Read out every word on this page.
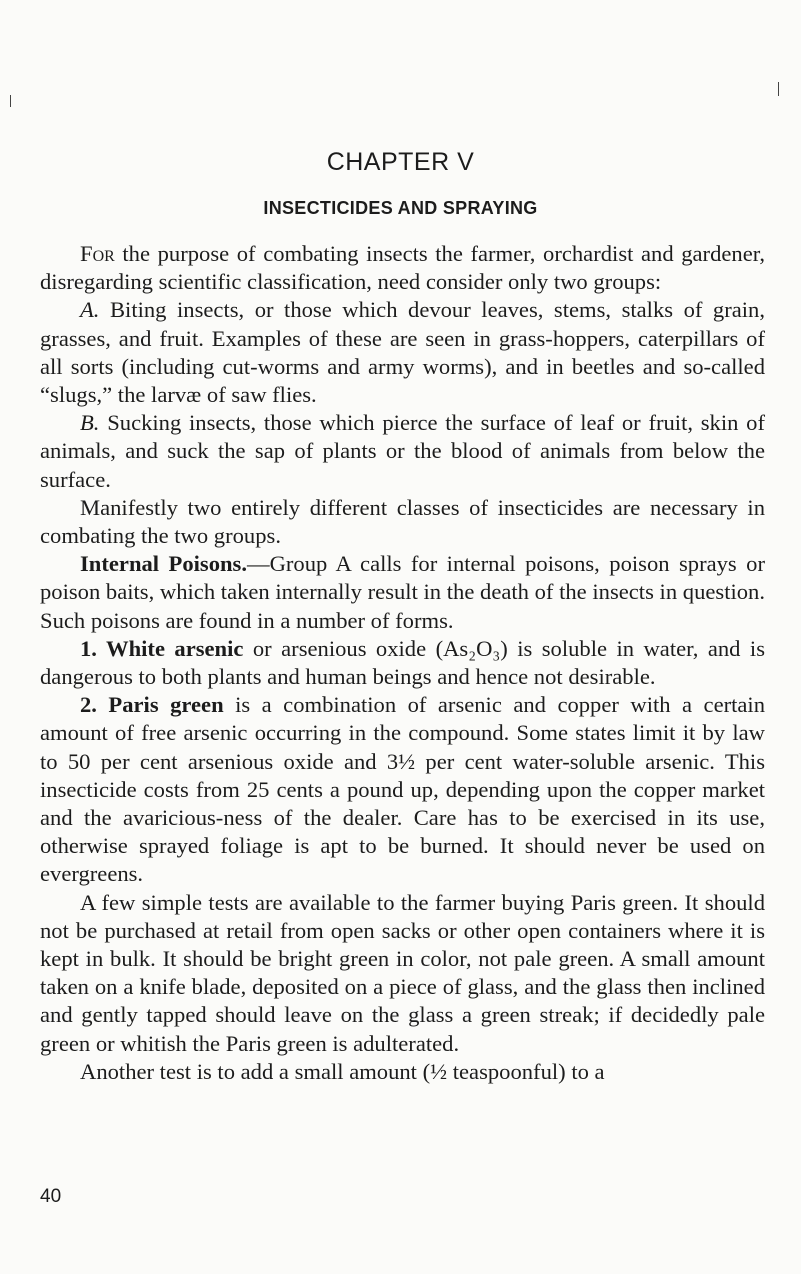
CHAPTER V
INSECTICIDES AND SPRAYING

For the purpose of combating insects the farmer, orchardist and gardener, disregarding scientific classification, need consider only two groups:

A. Biting insects, or those which devour leaves, stems, stalks of grain, grasses, and fruit. Examples of these are seen in grass-hoppers, caterpillars of all sorts (including cut-worms and army worms), and in beetles and so-called “slugs,” the larvæ of saw flies.

B. Sucking insects, those which pierce the surface of leaf or fruit, skin of animals, and suck the sap of plants or the blood of animals from below the surface.

Manifestly two entirely different classes of insecticides are necessary in combating the two groups.

Internal Poisons.—Group A calls for internal poisons, poison sprays or poison baits, which taken internally result in the death of the insects in question. Such poisons are found in a number of forms.

1. White arsenic or arsenious oxide (As₂O₃) is soluble in water, and is dangerous to both plants and human beings and hence not desirable.

2. Paris green is a combination of arsenic and copper with a certain amount of free arsenic occurring in the compound. Some states limit it by law to 50 per cent arsenious oxide and 3½ per cent water-soluble arsenic. This insecticide costs from 25 cents a pound up, depending upon the copper market and the avaricious-ness of the dealer. Care has to be exercised in its use, otherwise sprayed foliage is apt to be burned. It should never be used on evergreens.

A few simple tests are available to the farmer buying Paris green. It should not be purchased at retail from open sacks or other open containers where it is kept in bulk. It should be bright green in color, not pale green. A small amount taken on a knife blade, deposited on a piece of glass, and the glass then inclined and gently tapped should leave on the glass a green streak; if decidedly pale green or whitish the Paris green is adulterated.

Another test is to add a small amount (½ teaspoonful) to a

40
